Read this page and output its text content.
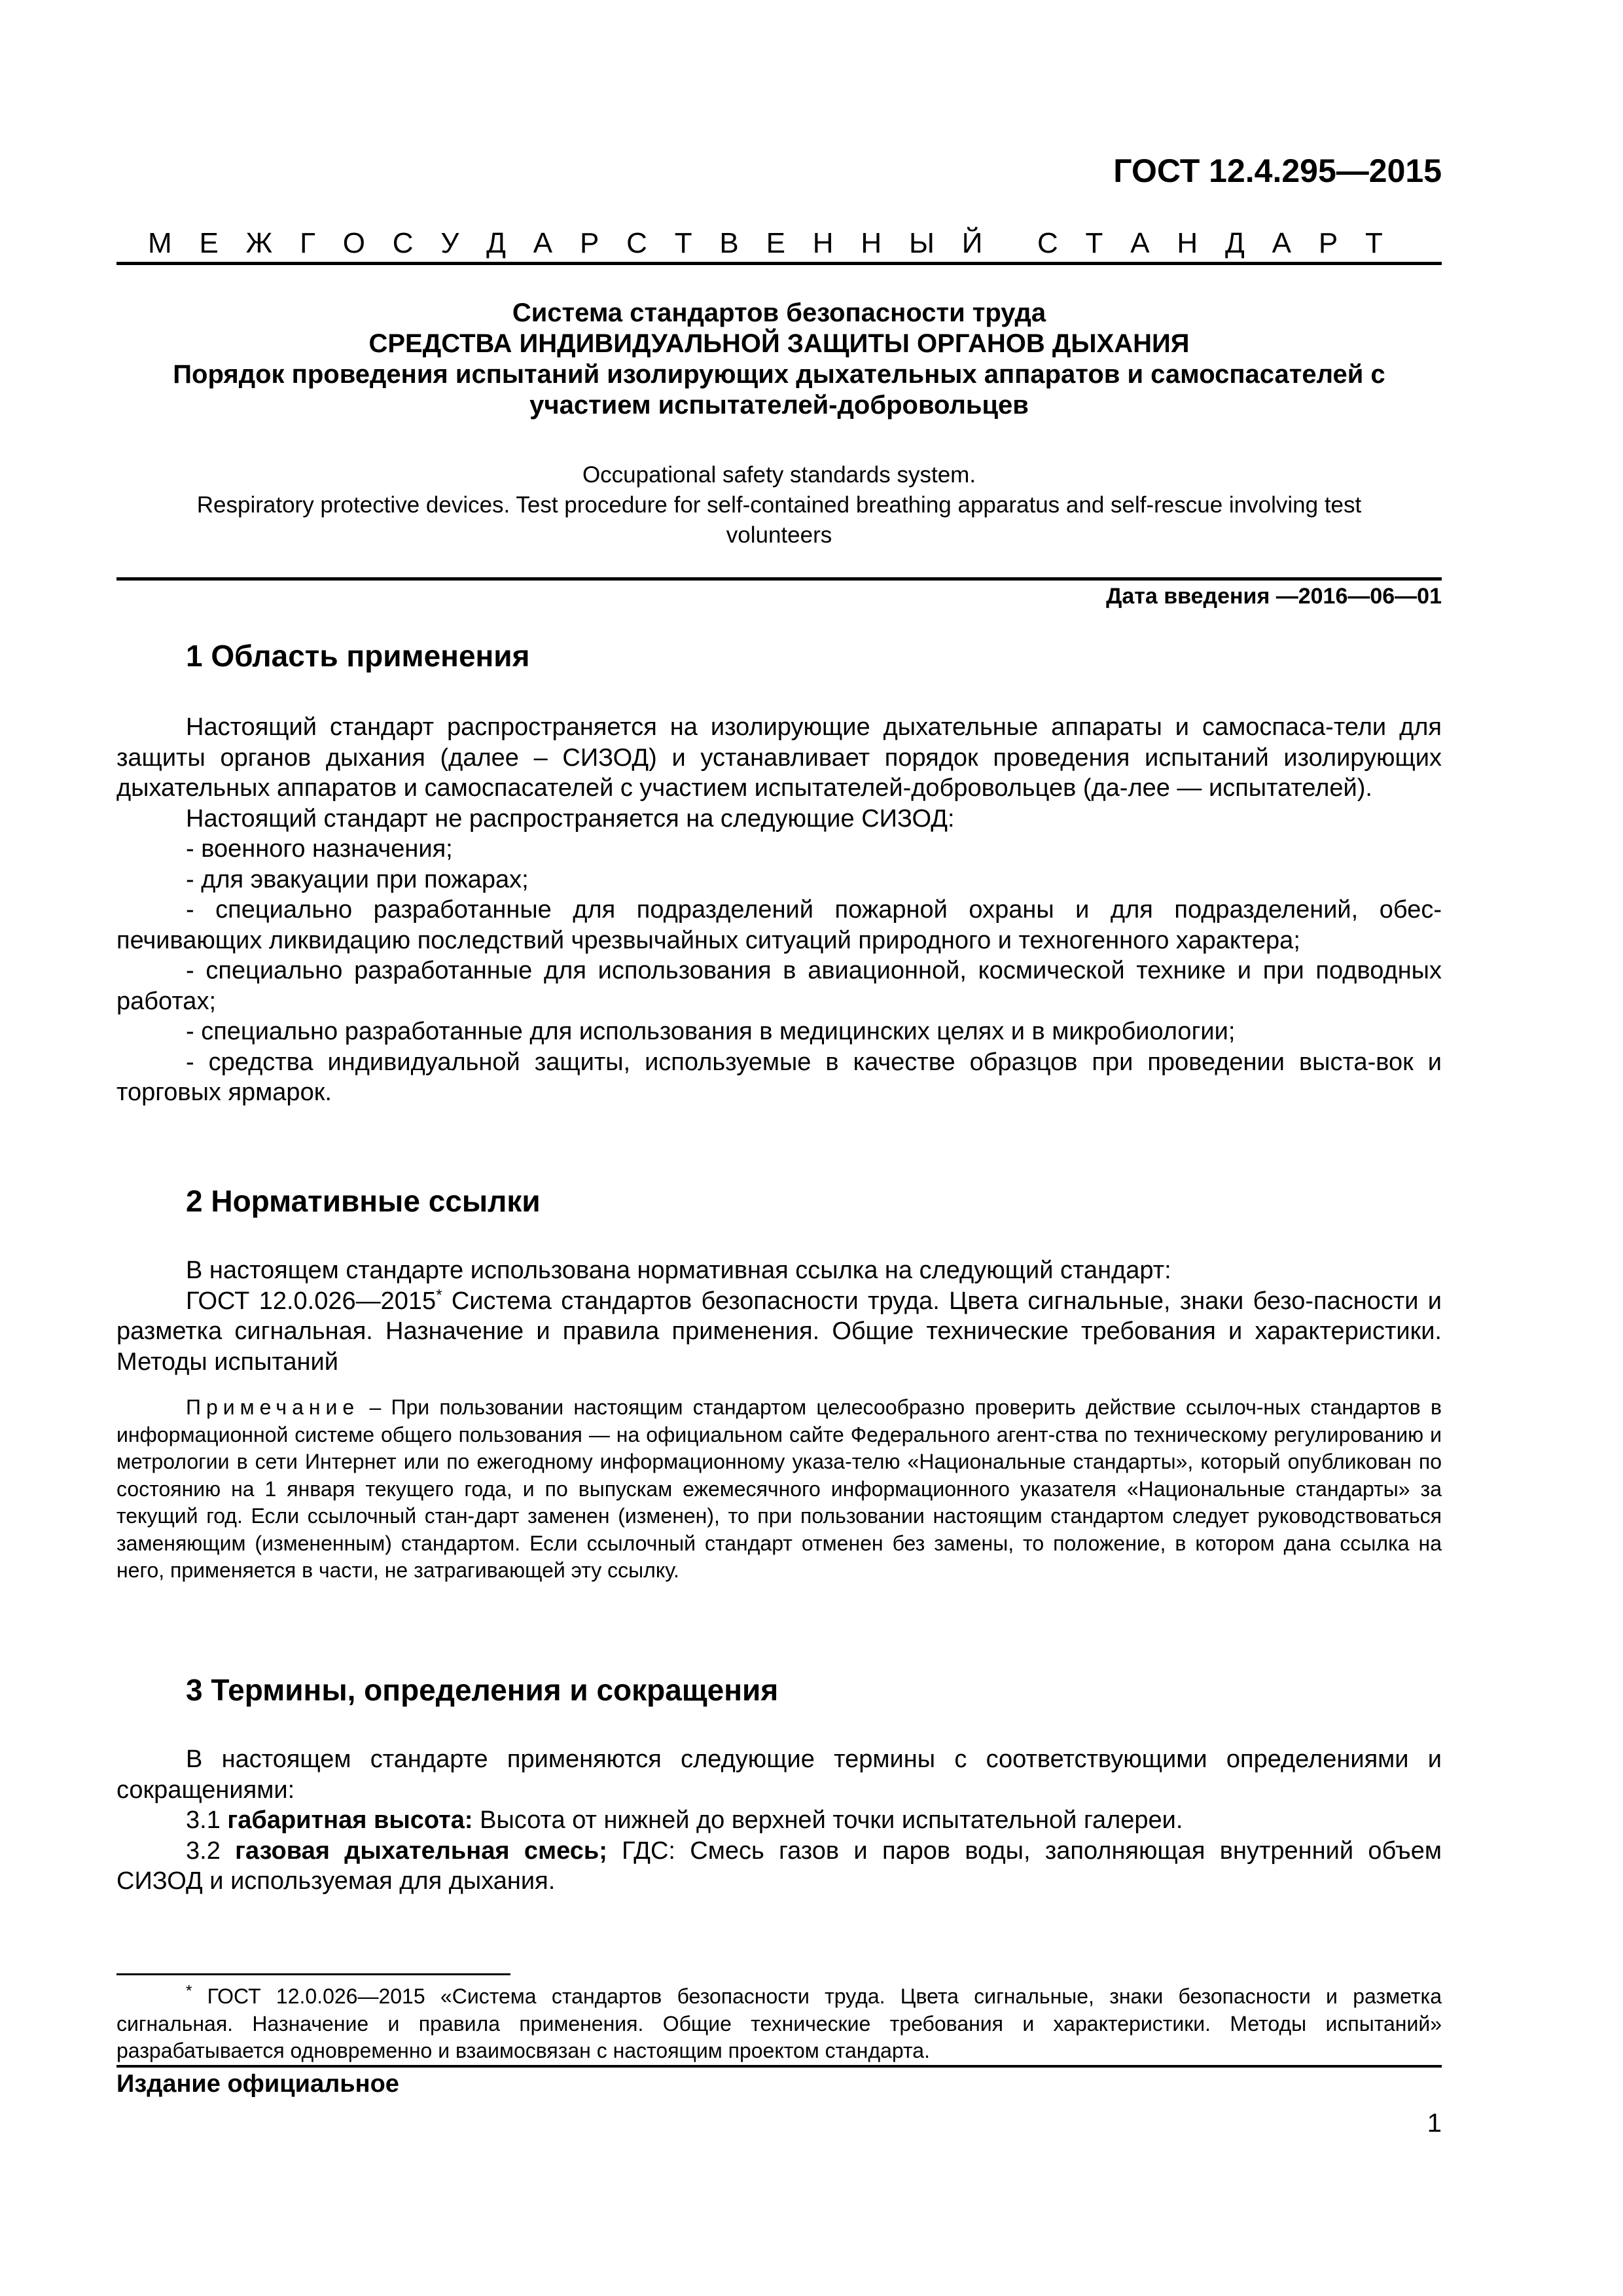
ГОСТ 12.4.295—2015
М Е Ж Г О С У Д А Р С Т В Е Н Н Ы Й С Т А Н Д А Р Т
Система стандартов безопасности труда
СРЕДСТВА ИНДИВИДУАЛЬНОЙ ЗАЩИТЫ ОРГАНОВ ДЫХАНИЯ
Порядок проведения испытаний изолирующих дыхательных аппаратов и самоспасателей с
участием испытателей-добровольцев
Occupational safety standards system.
Respiratory protective devices. Test procedure for self-contained breathing apparatus and self-rescue involving test
volunteers
Дата введения —2016—06—01
1 Область применения

Настоящий стандарт распространяется на изолирующие дыхательные аппараты и самоспаса-тели для защиты органов дыхания (далее – СИЗОД) и устанавливает порядок проведения испытаний изолирующих дыхательных аппаратов и самоспасателей с участием испытателей-добровольцев (да-лее — испытателей).

Настоящий стандарт не распространяется на следующие СИЗОД:

- военного назначения;

- для эвакуации при пожарах;

- специально разработанные для подразделений пожарной охраны и для подразделений, обес-печивающих ликвидацию последствий чрезвычайных ситуаций природного и техногенного характера;

- специально разработанные для использования в авиационной, космической технике и при подводных работах;

- специально разработанные для использования в медицинских целях и в микробиологии;

- средства индивидуальной защиты, используемые в качестве образцов при проведении выста-вок и торговых ярмарок.

2 Нормативные ссылки

В настоящем стандарте использована нормативная ссылка на следующий стандарт:

ГОСТ 12.0.026—2015* Система стандартов безопасности труда. Цвета сигнальные, знаки безо-пасности и разметка сигнальная. Назначение и правила применения. Общие технические требования и характеристики. Методы испытаний

Примечание – При пользовании настоящим стандартом целесообразно проверить действие ссылоч-ных стандартов в информационной системе общего пользования — на официальном сайте Федерального агент-ства по техническому регулированию и метрологии в сети Интернет или по ежегодному информационному указа-телю «Национальные стандарты», который опубликован по состоянию на 1 января текущего года, и по выпускам ежемесячного информационного указателя «Национальные стандарты» за текущий год. Если ссылочный стан-дарт заменен (изменен), то при пользовании настоящим стандартом следует руководствоваться заменяющим (измененным) стандартом. Если ссылочный стандарт отменен без замены, то положение, в котором дана ссылка на него, применяется в части, не затрагивающей эту ссылку.

3 Термины, определения и сокращения

В настоящем стандарте применяются следующие термины с соответствующими определениями и сокращениями:

3.1 габаритная высота: Высота от нижней до верхней точки испытательной галереи.

3.2 газовая дыхательная смесь; ГДС: Смесь газов и паров воды, заполняющая внутренний объем СИЗОД и используемая для дыхания.

* ГОСТ 12.0.026—2015 «Система стандартов безопасности труда. Цвета сигнальные, знаки безопасности и разметка сигнальная. Назначение и правила применения. Общие технические требования и характеристики. Методы испытаний» разрабатывается одновременно и взаимосвязан с настоящим проектом стандарта.

Издание официальное
1
